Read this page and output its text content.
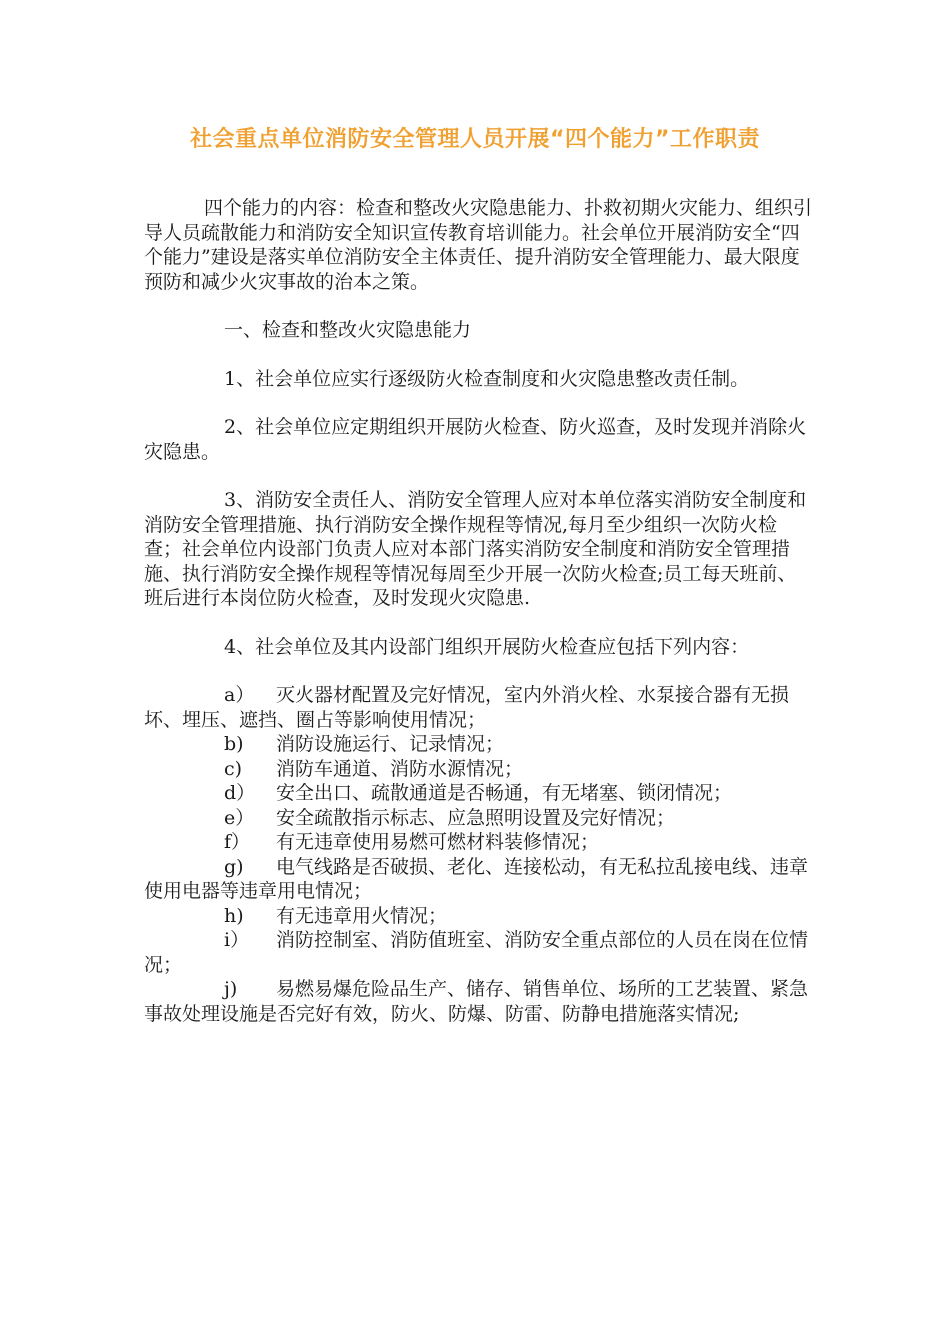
社会重点单位消防安全管理人员开展“四个能力”工作职责

四个能力的内容：检查和整改火灾隐患能力、扑救初期火灾能力、组织引导人员疏散能力和消防安全知识宣传教育培训能力。社会单位开展消防安全“四个能力”建设是落实单位消防安全主体责任、提升消防安全管理能力、最大限度预防和减少火灾事故的治本之策。

一、检查和整改火灾隐患能力

1、社会单位应实行逐级防火检查制度和火灾隐患整改责任制。

2、社会单位应定期组织开展防火检查、防火巡查，及时发现并消除火灾隐患。

3、消防安全责任人、消防安全管理人应对本单位落实消防安全制度和消防安全管理措施、执行消防安全操作规程等情况,每月至少组织一次防火检查；社会单位内设部门负责人应对本部门落实消防安全制度和消防安全管理措施、执行消防安全操作规程等情况每周至少开展一次防火检查;员工每天班前、班后进行本岗位防火检查，及时发现火灾隐患.

4、社会单位及其内设部门组织开展防火检查应包括下列内容：

a） 灭火器材配置及完好情况，室内外消火栓、水泵接合器有无损坏、埋压、遮挡、圈占等影响使用情况；

b) 消防设施运行、记录情况；

c) 消防车通道、消防水源情况；

d） 安全出口、疏散通道是否畅通，有无堵塞、锁闭情况；

e） 安全疏散指示标志、应急照明设置及完好情况；

f） 有无违章使用易燃可燃材料装修情况；

g) 电气线路是否破损、老化、连接松动，有无私拉乱接电线、违章使用电器等违章用电情况；

h) 有无违章用火情况；

i） 消防控制室、消防值班室、消防安全重点部位的人员在岗在位情况；

j) 易燃易爆危险品生产、储存、销售单位、场所的工艺装置、紧急事故处理设施是否完好有效，防火、防爆、防雷、防静电措施落实情况;
